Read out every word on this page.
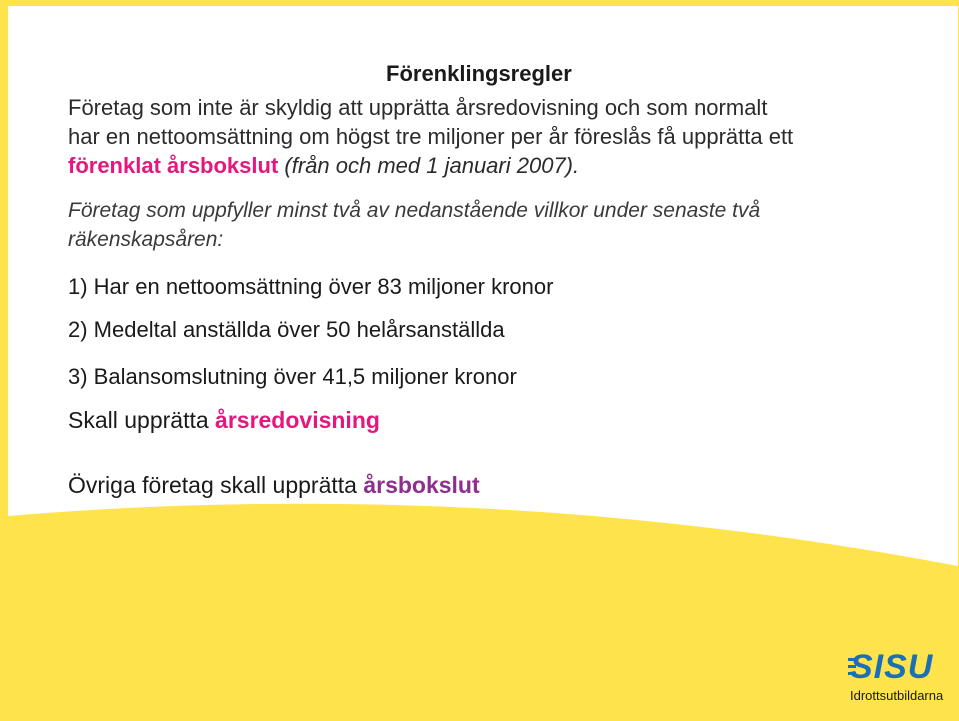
Förenklingsregler
Företag som inte är skyldig att upprätta årsredovisning och som normalt
har en nettoomsättning om högst tre miljoner per år föreslås få upprätta ett
förenklat årsbokslut (från och med 1 januari 2007).
Företag som uppfyller minst två av nedanstående villkor under senaste två
räkenskapsåren:
1) Har en nettoomsättning över 83 miljoner kronor
2) Medeltal anställda över 50 helårsanställda
3) Balansomslutning över 41,5 miljoner kronor
Skall upprätta årsredovisning
Övriga företag skall upprätta årsbokslut
SISU
Idrottsutbildarna
